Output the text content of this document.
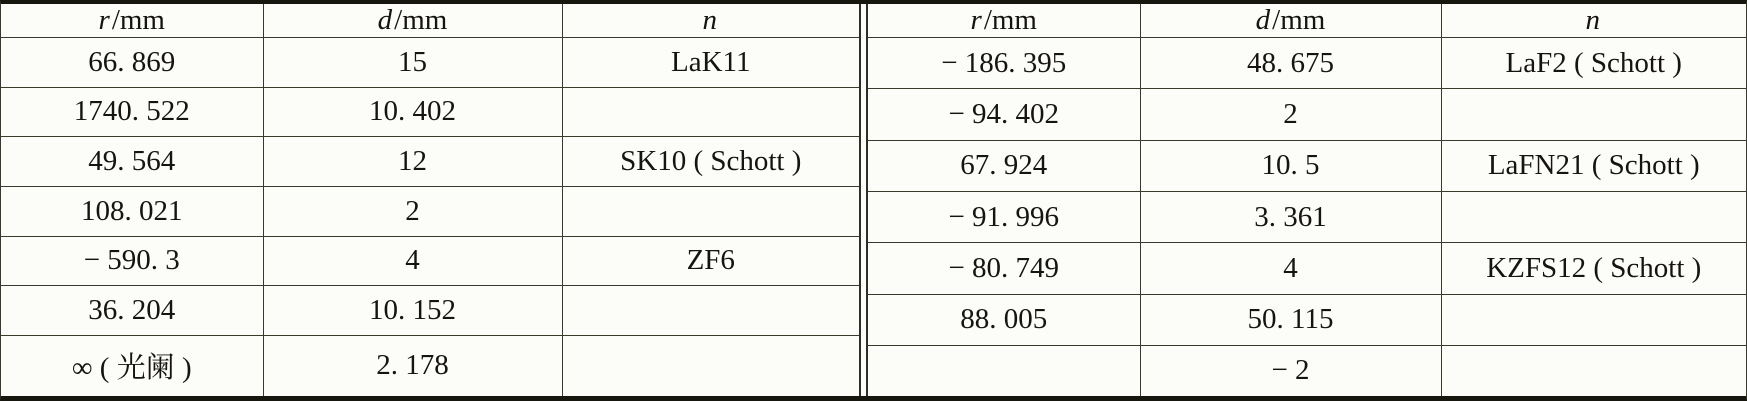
r/mm	d/mm	n
66. 869	15	LaK11
1740. 522	10. 402	
49. 564	12	SK10 ( Schott )
108. 021	2	
− 590. 3	4	ZF6
36. 204	10. 152	
∞ ( 光阑 )	2. 178	
r/mm	d/mm	n
− 186. 395	48. 675	LaF2 ( Schott )
− 94. 402	2	
67. 924	10. 5	LaFN21 ( Schott )
− 91. 996	3. 361	
− 80. 749	4	KZFS12 ( Schott )
88. 005	50. 115	
	− 2	
